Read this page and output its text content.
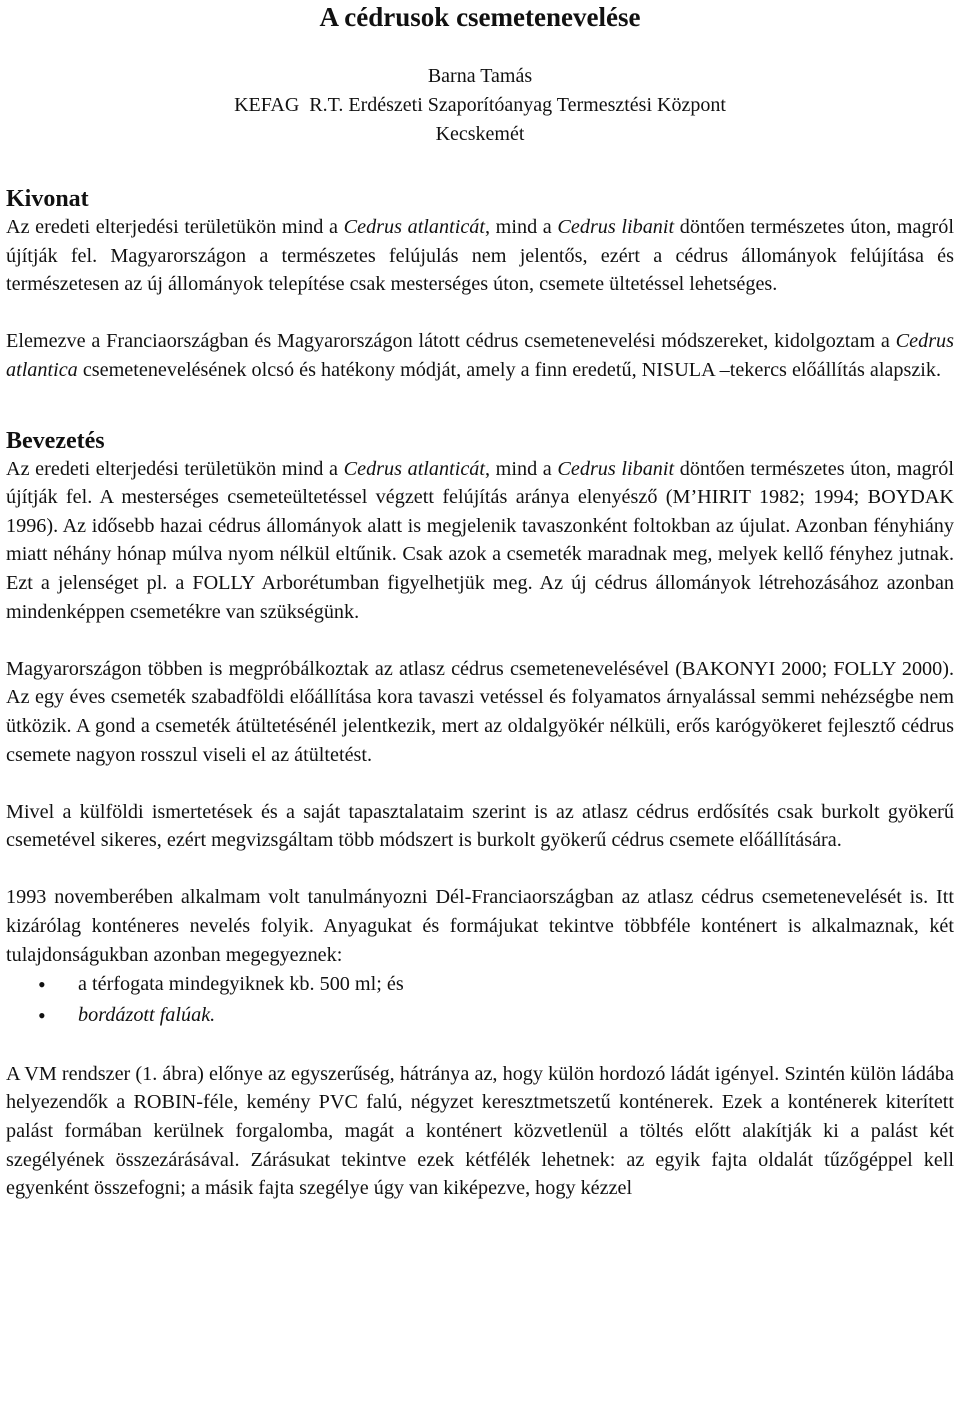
A cédrusok csemetenevelése
Barna Tamás
KEFAG  R.T. Erdészeti Szaporítóanyag Termesztési Központ
Kecskemét
Kivonat

Az eredeti elterjedési területükön mind a Cedrus atlanticát, mind a Cedrus libanit döntően természetes úton, magról újítják fel. Magyarországon a természetes felújulás nem jelentős, ezért a cédrus állományok felújítása és természetesen az új állományok telepítése csak mesterséges úton, csemete ültetéssel lehetséges.

Elemezve a Franciaországban és Magyarországon látott cédrus csemetenevelési módszereket, kidolgoztam a Cedrus atlantica csemetenevelésének olcsó és hatékony módját, amely a finn eredetű, NISULA –tekercs előállítás alapszik.

Bevezetés

Az eredeti elterjedési területükön mind a Cedrus atlanticát, mind a Cedrus libanit döntően természetes úton, magról újítják fel. A mesterséges csemeteültetéssel végzett felújítás aránya elenyésző (M’HIRIT 1982; 1994; BOYDAK 1996). Az idősebb hazai cédrus állományok alatt is megjelenik tavaszonként foltokban az újulat. Azonban fényhiány miatt néhány hónap múlva nyom nélkül eltűnik. Csak azok a csemeték maradnak meg, melyek kellő fényhez jutnak. Ezt a jelenséget pl. a FOLLY Arborétumban figyelhetjük meg. Az új cédrus állományok létrehozásához azonban mindenképpen csemetékre van szükségünk.

Magyarországon többen is megpróbálkoztak az atlasz cédrus csemetenevelésével (BAKONYI 2000; FOLLY 2000). Az egy éves csemeték szabadföldi előállítása kora tavaszi vetéssel és folyamatos árnyalással semmi nehézségbe nem ütközik. A gond a csemeték átültetésénél jelentkezik, mert az oldalgyökér nélküli, erős karógyökeret fejlesztő cédrus csemete nagyon rosszul viseli el az átültetést.

Mivel a külföldi ismertetések és a saját tapasztalataim szerint is az atlasz cédrus erdősítés csak burkolt gyökerű csemetével sikeres, ezért megvizsgáltam több módszert is burkolt gyökerű cédrus csemete előállítására.

1993 novemberében alkalmam volt tanulmányozni Dél-Franciaországban az atlasz cédrus csemetenevelését is. Itt kizárólag konténeres nevelés folyik. Anyagukat és formájukat tekintve többféle konténert is alkalmaznak, két tulajdonságukban azonban megegyeznek:

• a térfogata mindegyiknek kb. 500 ml; és
• bordázott falúak.

A VM rendszer (1. ábra) előnye az egyszerűség, hátránya az, hogy külön hordozó ládát igényel. Szintén külön ládába helyezendők a ROBIN-féle, kemény PVC falú, négyzet keresztmetszetű konténerek. Ezek a konténerek kiterített palást formában kerülnek forgalomba, magát a konténert közvetlenül a töltés előtt alakítják ki a palást két szegélyének összezárásával. Zárásukat tekintve ezek kétfélék lehetnek: az egyik fajta oldalát tűzőgéppel kell egyenként összefogni; a másik fajta szegélye úgy van kiképezve, hogy kézzel
